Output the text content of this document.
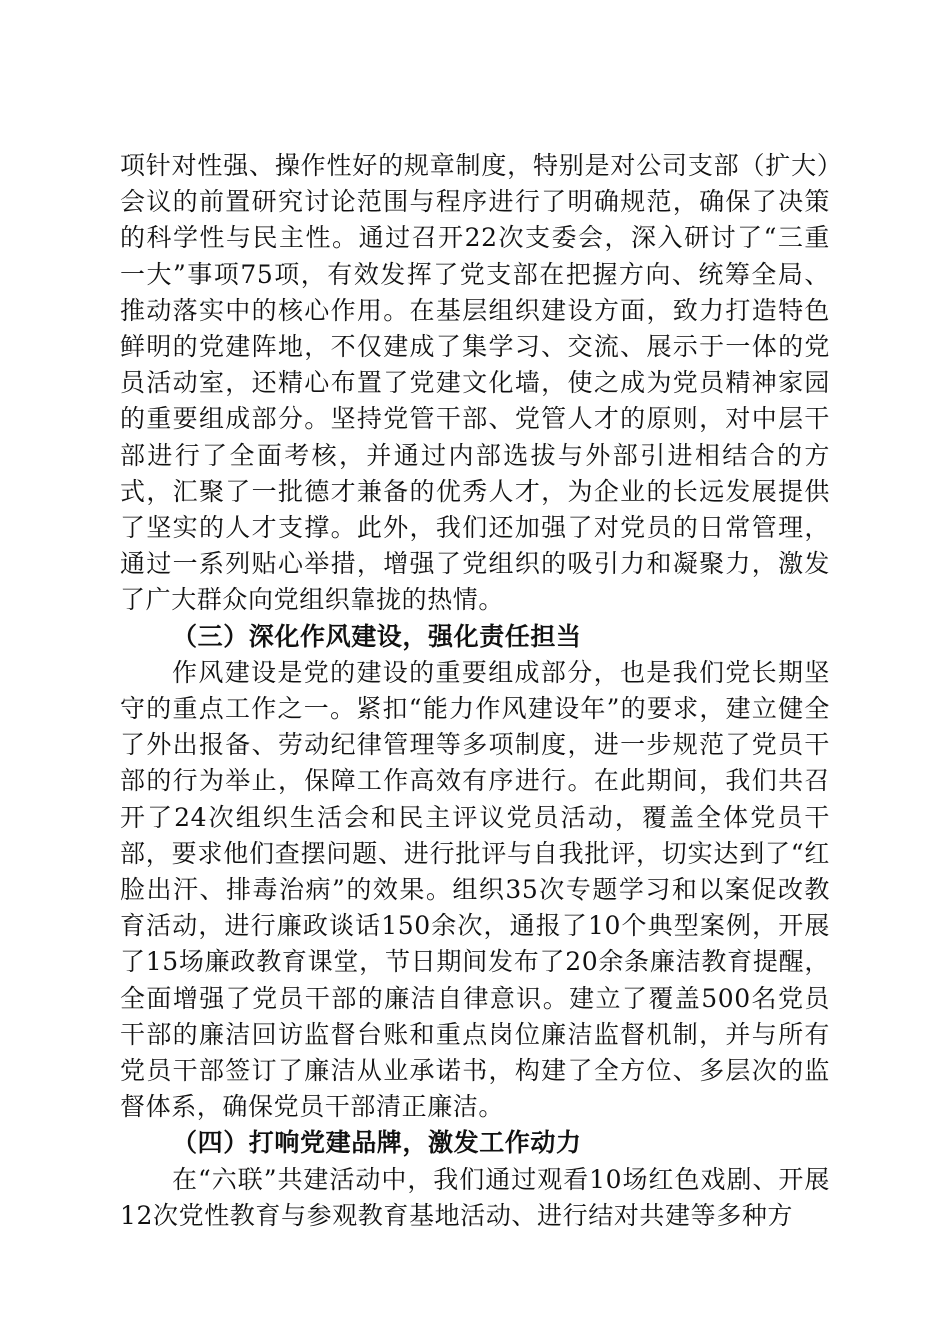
项针对性强、操作性好的规章制度，特别是对公司支部（扩大）会议的前置研究讨论范围与程序进行了明确规范，确保了决策的科学性与民主性。通过召开22次支委会，深入研讨了“三重一大”事项75项，有效发挥了党支部在把握方向、统筹全局、推动落实中的核心作用。在基层组织建设方面，致力打造特色鲜明的党建阵地，不仅建成了集学习、交流、展示于一体的党员活动室，还精心布置了党建文化墙，使之成为党员精神家园的重要组成部分。坚持党管干部、党管人才的原则，对中层干部进行了全面考核，并通过内部选拔与外部引进相结合的方式，汇聚了一批德才兼备的优秀人才，为企业的长远发展提供了坚实的人才支撑。此外，我们还加强了对党员的日常管理，通过一系列贴心举措，增强了党组织的吸引力和凝聚力，激发了广大群众向党组织靠拢的热情。

（三）深化作风建设，强化责任担当

作风建设是党的建设的重要组成部分，也是我们党长期坚守的重点工作之一。紧扣“能力作风建设年”的要求，建立健全了外出报备、劳动纪律管理等多项制度，进一步规范了党员干部的行为举止，保障工作高效有序进行。在此期间，我们共召开了24次组织生活会和民主评议党员活动，覆盖全体党员干部，要求他们查摆问题、进行批评与自我批评，切实达到了“红脸出汗、排毒治病”的效果。组织35次专题学习和以案促改教育活动，进行廉政谈话150余次，通报了10个典型案例，开展了15场廉政教育课堂，节日期间发布了20余条廉洁教育提醒，全面增强了党员干部的廉洁自律意识。建立了覆盖500名党员干部的廉洁回访监督台账和重点岗位廉洁监督机制，并与所有党员干部签订了廉洁从业承诺书，构建了全方位、多层次的监督体系，确保党员干部清正廉洁。

（四）打响党建品牌，激发工作动力

在“六联”共建活动中，我们通过观看10场红色戏剧、开展12次党性教育与参观教育基地活动、进行结对共建等多种方
